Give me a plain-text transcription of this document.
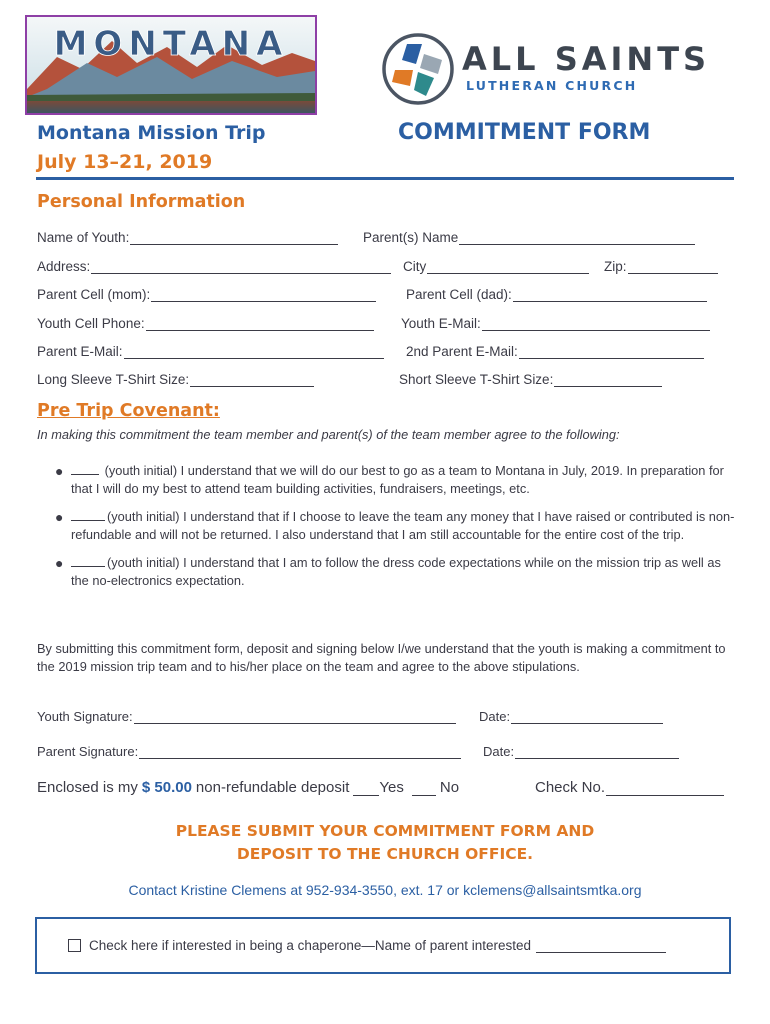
MONTANA	ALL SAINTS
LUTHERAN CHURCH
Montana Mission Trip
July 13–21, 2019
COMMITMENT FORM
Personal Information
Name of Youth:	Parent(s) Name
Address:	City	Zip:
Parent Cell (mom):	Parent Cell (dad):
Youth Cell Phone:	Youth E-Mail:
Parent E-Mail:	2nd Parent E-Mail:
Long Sleeve T-Shirt Size:	Short Sleeve T-Shirt Size:
Pre Trip Covenant:
In making this commitment the team member and parent(s) of the team member agree to the following:
●	(youth initial) I understand that we will do our best to go as a team to Montana in July, 2019. In preparation for that I will do my best to attend team building activities, fundraisers, meetings, etc.
●	(youth initial) I understand that if I choose to leave the team any money that I have raised or contributed is non-refundable and will not be returned. I also understand that I am still accountable for the entire cost of the trip.
●	(youth initial) I understand that I am to follow the dress code expectations while on the mission trip as well as the no-electronics expectation.
By submitting this commitment form, deposit and signing below I/we understand that the youth is making a commitment to the 2019 mission trip team and to his/her place on the team and agree to the above stipulations.
Youth Signature:	Date:
Parent Signature:	Date:
Enclosed is my $ 50.00 non-refundable deposit Yes No	Check No.
PLEASE SUBMIT YOUR COMMITMENT FORM AND
DEPOSIT TO THE CHURCH OFFICE.
Contact Kristine Clemens at 952-934-3550, ext. 17 or kclemens@allsaintsmtka.org
Check here if interested in being a chaperone—Name of parent interested
